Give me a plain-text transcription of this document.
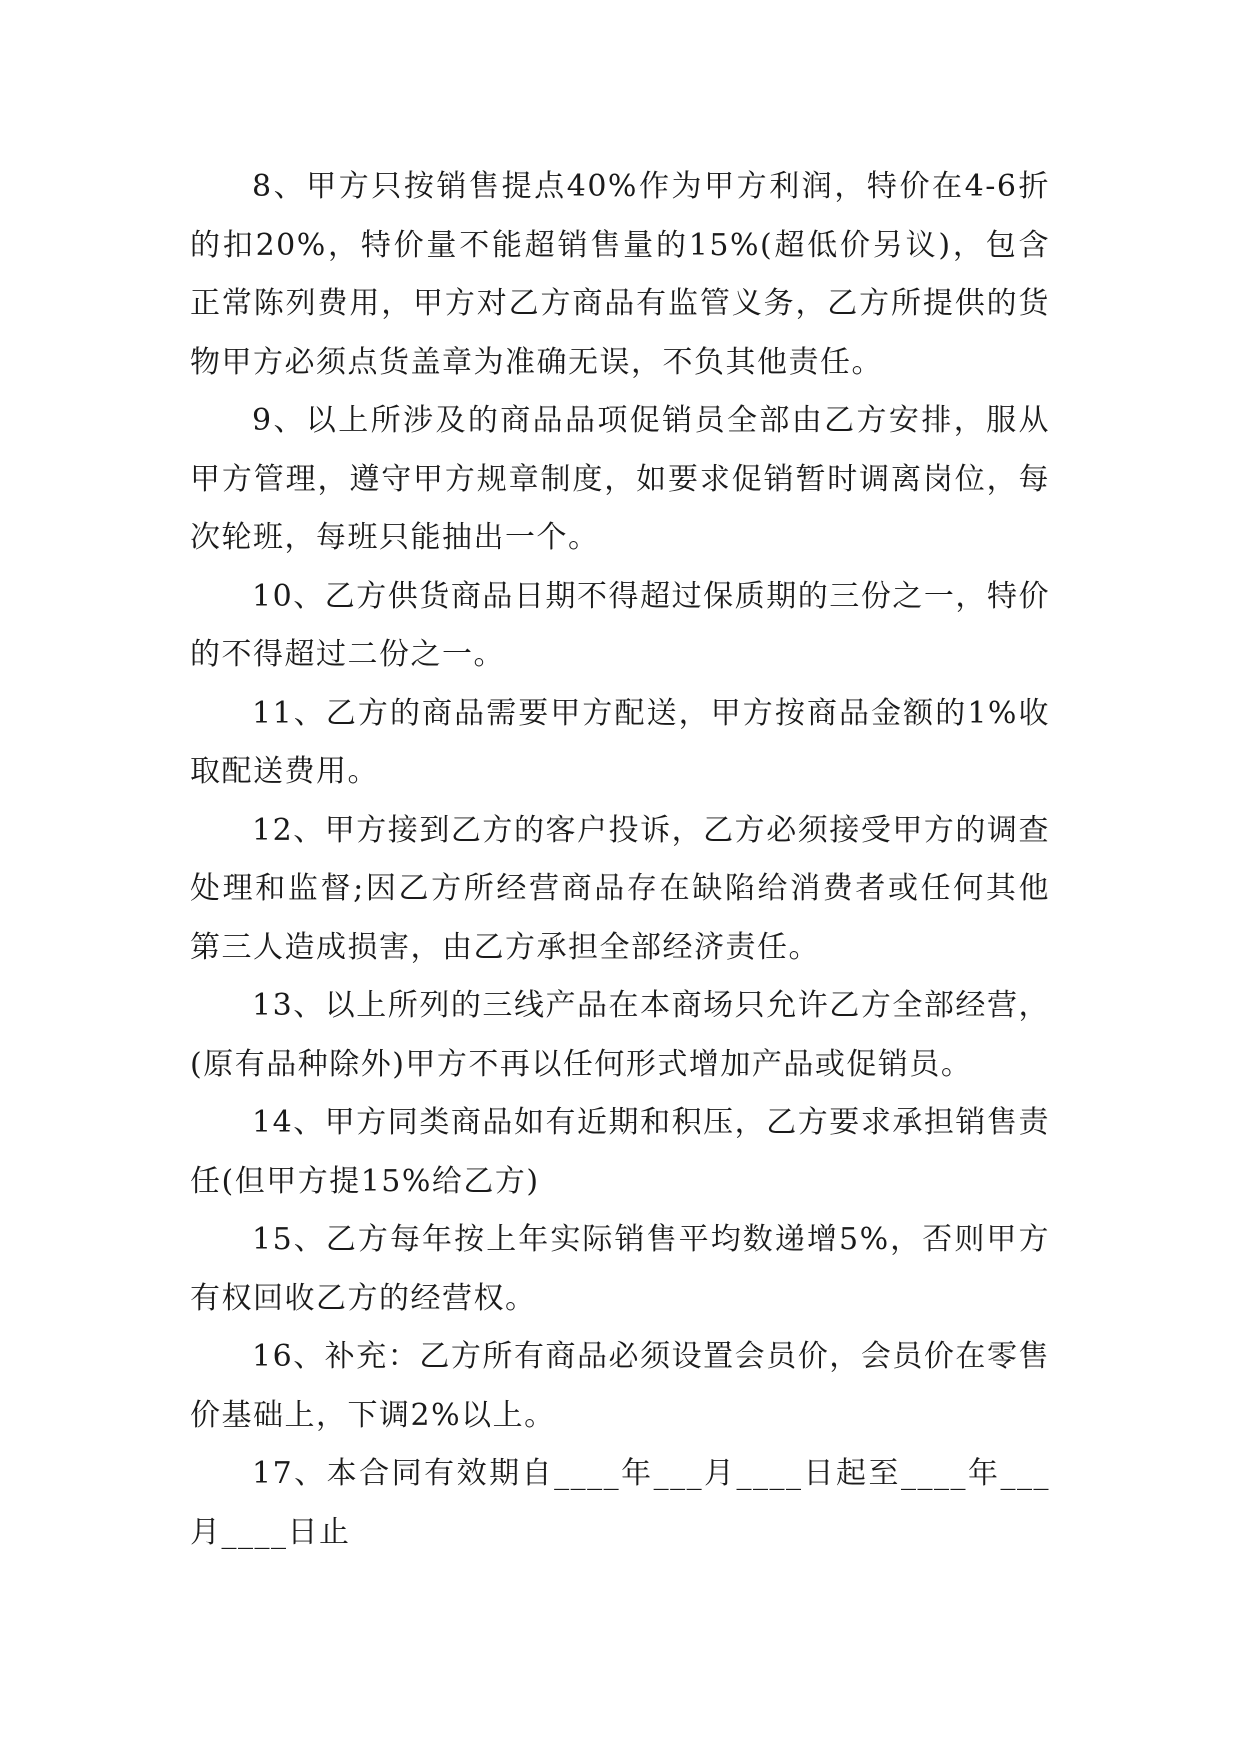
8、甲方只按销售提点40%作为甲方利润，特价在4-6折的扣20%，特价量不能超销售量的15%(超低价另议)，包含正常陈列费用，甲方对乙方商品有监管义务，乙方所提供的货物甲方必须点货盖章为准确无误，不负其他责任。

9、以上所涉及的商品品项促销员全部由乙方安排，服从甲方管理，遵守甲方规章制度，如要求促销暂时调离岗位，每次轮班，每班只能抽出一个。

10、乙方供货商品日期不得超过保质期的三份之一，特价的不得超过二份之一。

11、乙方的商品需要甲方配送，甲方按商品金额的1%收取配送费用。

12、甲方接到乙方的客户投诉，乙方必须接受甲方的调查处理和监督;因乙方所经营商品存在缺陷给消费者或任何其他第三人造成损害，由乙方承担全部经济责任。

13、以上所列的三线产品在本商场只允许乙方全部经营，(原有品种除外)甲方不再以任何形式增加产品或促销员。

14、甲方同类商品如有近期和积压，乙方要求承担销售责任(但甲方提15%给乙方)

15、乙方每年按上年实际销售平均数递增5%，否则甲方有权回收乙方的经营权。

16、补充：乙方所有商品必须设置会员价，会员价在零售价基础上，下调2%以上。

17、本合同有效期自____年___月____日起至____年___月____日止
